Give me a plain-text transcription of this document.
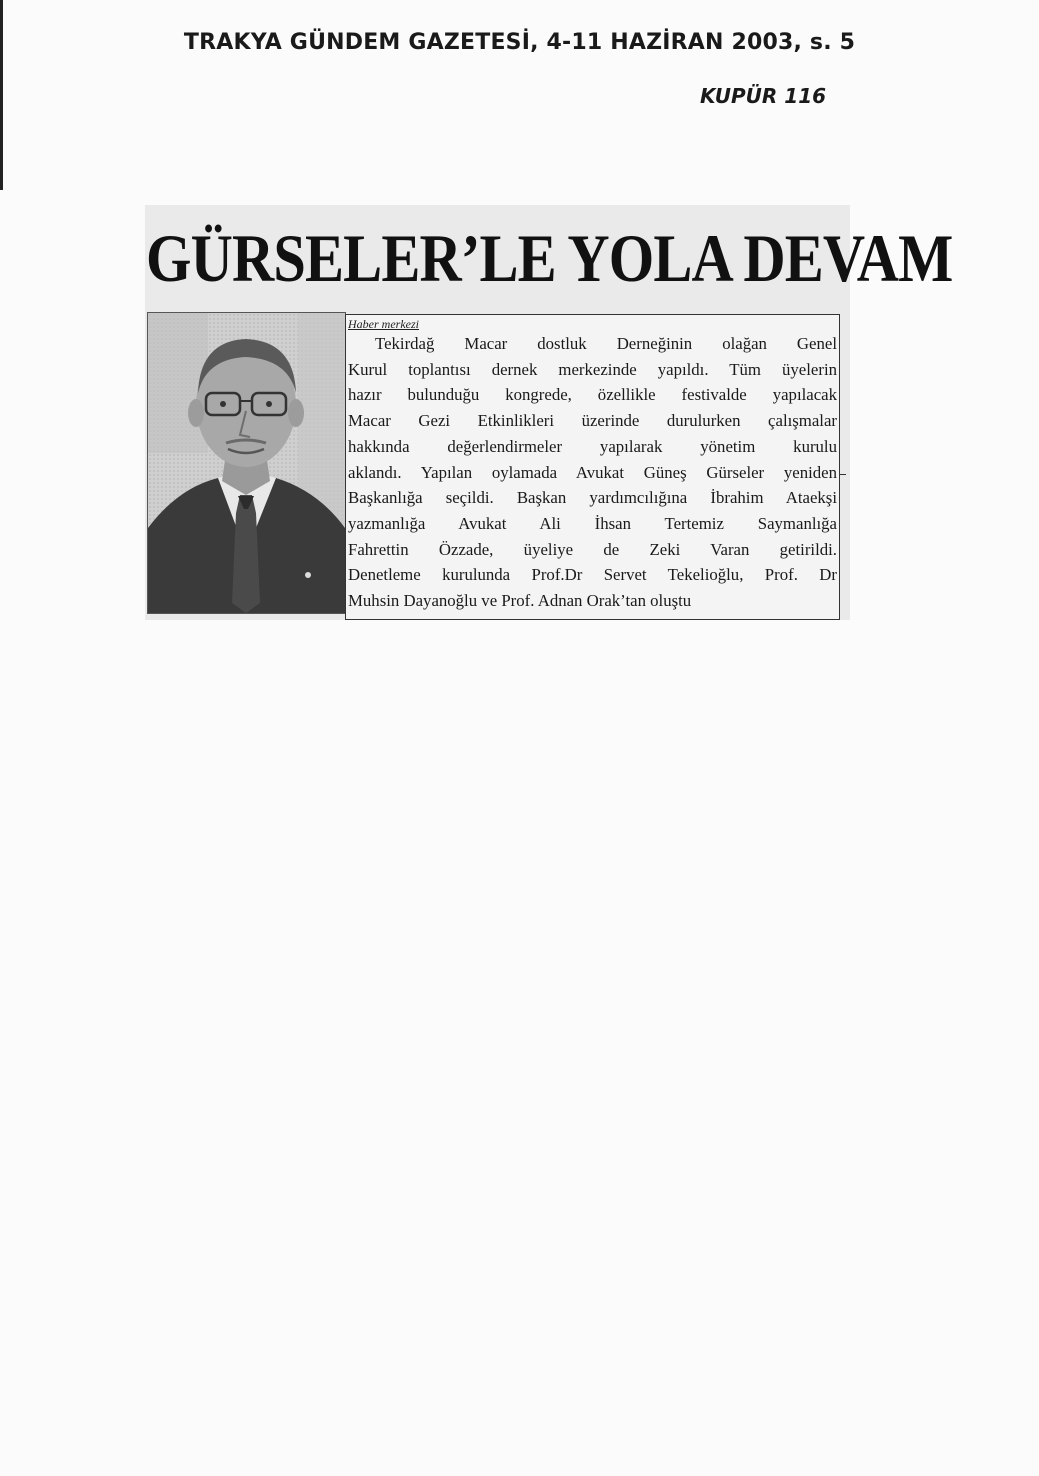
TRAKYA GÜNDEM GAZETESİ, 4-11 HAZİRAN 2003, s. 5
KUPÜR 116
GÜRSELER’LE YOLA DEVAM
Haber merkezi
Tekirdağ Macar dostluk Derneğinin olağan Genel
Kurul toplantısı dernek merkezinde yapıldı. Tüm üyelerin
hazır bulunduğu kongrede, özellikle festivalde yapılacak
Macar Gezi Etkinlikleri üzerinde durulurken çalışmalar
hakkında değerlendirmeler yapılarak yönetim kurulu
aklandı. Yapılan oylamada Avukat Güneş Gürseler yeniden
Başkanlığa seçildi. Başkan yardımcılığına İbrahim Ataekşi
yazmanlığa Avukat Ali İhsan Tertemiz Saymanlığa
Fahrettin Özzade, üyeliye de Zeki Varan getirildi.
Denetleme kurulunda Prof.Dr Servet Tekelioğlu, Prof. Dr
Muhsin Dayanoğlu ve Prof. Adnan Orak’tan oluştu
